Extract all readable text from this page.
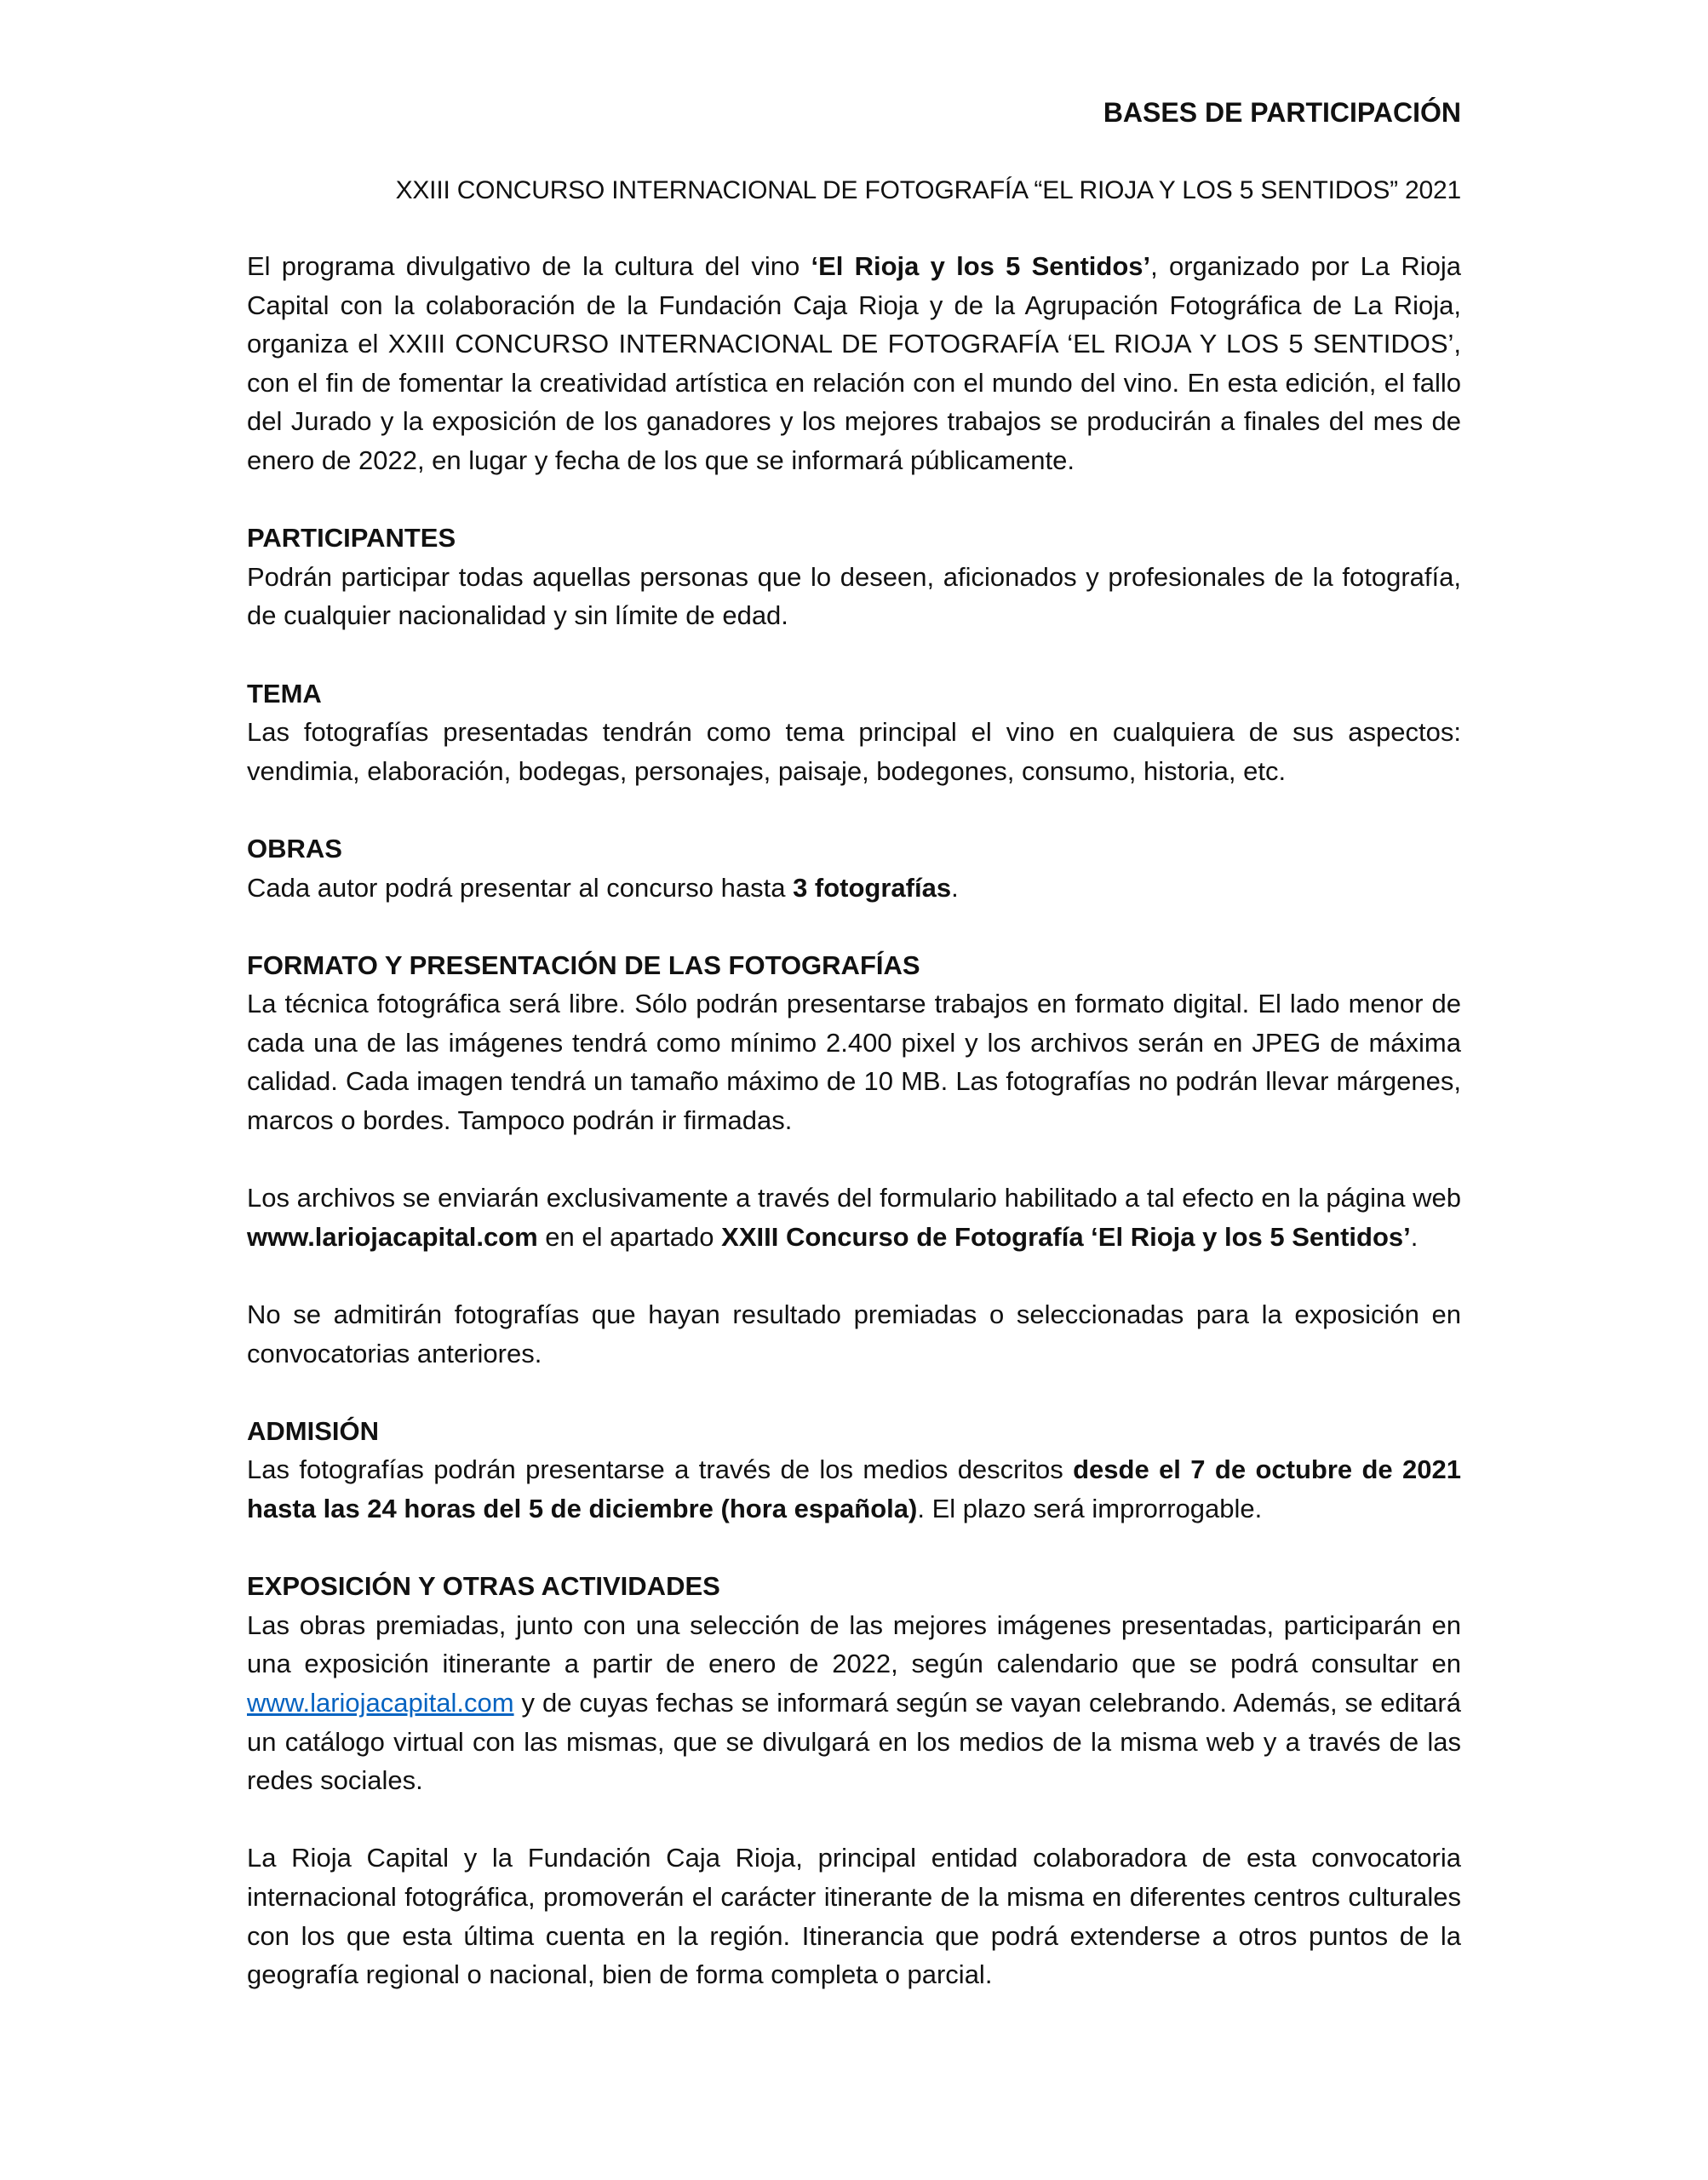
BASES DE PARTICIPACIÓN
XXIII CONCURSO INTERNACIONAL DE FOTOGRAFÍA “EL RIOJA Y LOS 5 SENTIDOS” 2021

El programa divulgativo de la cultura del vino ‘El Rioja y los 5 Sentidos’, organizado por La Rioja Capital con la colaboración de la Fundación Caja Rioja y de la Agrupación Fotográfica de La Rioja, organiza el XXIII CONCURSO INTERNACIONAL DE FOTOGRAFÍA ‘EL RIOJA Y LOS 5 SENTIDOS’, con el fin de fomentar la creatividad artística en relación con el mundo del vino. En esta edición, el fallo del Jurado y la exposición de los ganadores y los mejores trabajos se producirán a finales del mes de enero de 2022, en lugar y fecha de los que se informará públicamente.

PARTICIPANTES

Podrán participar todas aquellas personas que lo deseen, aficionados y profesionales de la fotografía, de cualquier nacionalidad y sin límite de edad.

TEMA

Las fotografías presentadas tendrán como tema principal el vino en cualquiera de sus aspectos: vendimia, elaboración, bodegas, personajes, paisaje, bodegones, consumo, historia, etc.

OBRAS

Cada autor podrá presentar al concurso hasta 3 fotografías.

FORMATO Y PRESENTACIÓN DE LAS FOTOGRAFÍAS

La técnica fotográfica será libre. Sólo podrán presentarse trabajos en formato digital. El lado menor de cada una de las imágenes tendrá como mínimo 2.400 pixel y los archivos serán en JPEG de máxima calidad. Cada imagen tendrá un tamaño máximo de 10 MB. Las fotografías no podrán llevar márgenes, marcos o bordes. Tampoco podrán ir firmadas.

Los archivos se enviarán exclusivamente a través del formulario habilitado a tal efecto en la página web www.lariojacapital.com en el apartado XXIII Concurso de Fotografía ‘El Rioja y los 5 Sentidos’.

No se admitirán fotografías que hayan resultado premiadas o seleccionadas para la exposición en convocatorias anteriores.

ADMISIÓN

Las fotografías podrán presentarse a través de los medios descritos desde el 7 de octubre de 2021 hasta las 24 horas del 5 de diciembre (hora española). El plazo será improrrogable.

EXPOSICIÓN Y OTRAS ACTIVIDADES

Las obras premiadas, junto con una selección de las mejores imágenes presentadas, participarán en una exposición itinerante a partir de enero de 2022, según calendario que se podrá consultar en www.lariojacapital.com y de cuyas fechas se informará según se vayan celebrando. Además, se editará un catálogo virtual con las mismas, que se divulgará en los medios de la misma web y a través de las redes sociales.

La Rioja Capital y la Fundación Caja Rioja, principal entidad colaboradora de esta convocatoria internacional fotográfica, promoverán el carácter itinerante de la misma en diferentes centros culturales con los que esta última cuenta en la región. Itinerancia que podrá extenderse a otros puntos de la geografía regional o nacional, bien de forma completa o parcial.
